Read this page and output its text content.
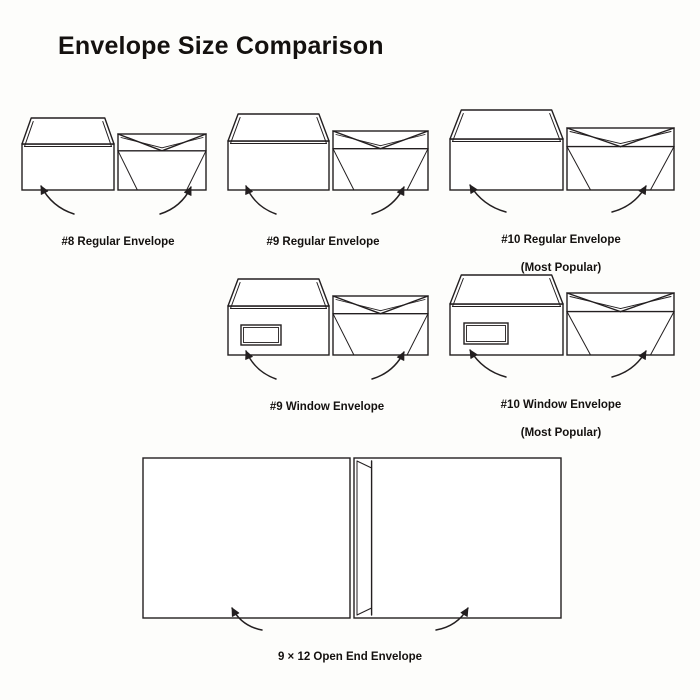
Envelope Size Comparison

#8 Regular Envelope	#9 Regular Envelope	#10 Regular Envelope

(Most Popular)

#9 Window Envelope	#10 Window Envelope

(Most Popular)

9 × 12 Open End Envelope
